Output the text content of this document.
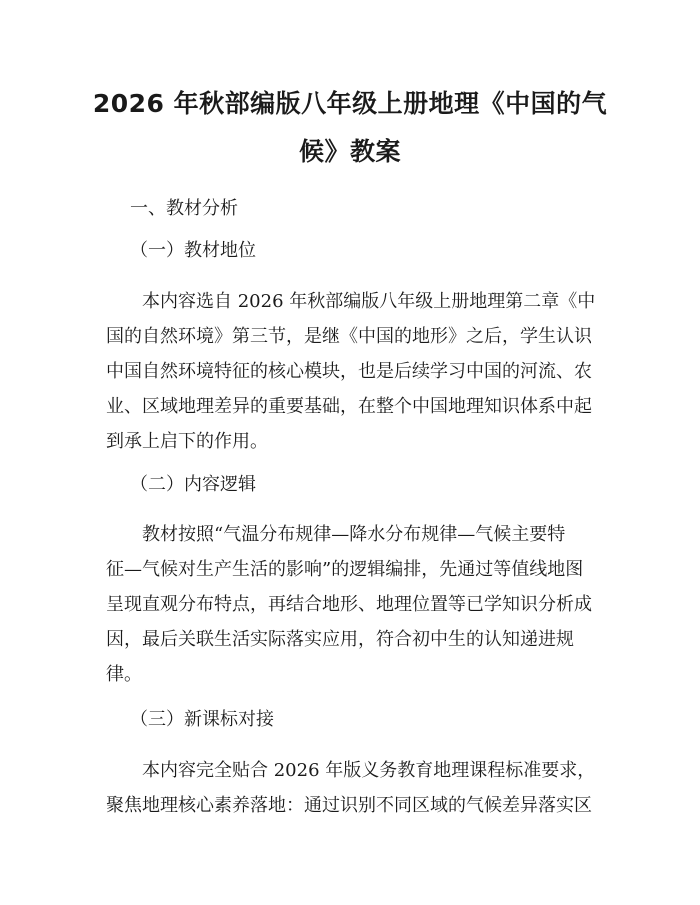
2026 年秋部编版八年级上册地理《中国的气
候》教案
一、教材分析
（一）教材地位
本内容选自 2026 年秋部编版八年级上册地理第二章《中
国的自然环境》第三节，是继《中国的地形》之后，学生认识
中国自然环境特征的核心模块，也是后续学习中国的河流、农
业、区域地理差异的重要基础，在整个中国地理知识体系中起
到承上启下的作用。
（二）内容逻辑
教材按照“气温分布规律—降水分布规律—气候主要特
征—气候对生产生活的影响”的逻辑编排，先通过等值线地图
呈现直观分布特点，再结合地形、地理位置等已学知识分析成
因，最后关联生活实际落实应用，符合初中生的认知递进规
律。
（三）新课标对接
本内容完全贴合 2026 年版义务教育地理课程标准要求，
聚焦地理核心素养落地：通过识别不同区域的气候差异落实区
